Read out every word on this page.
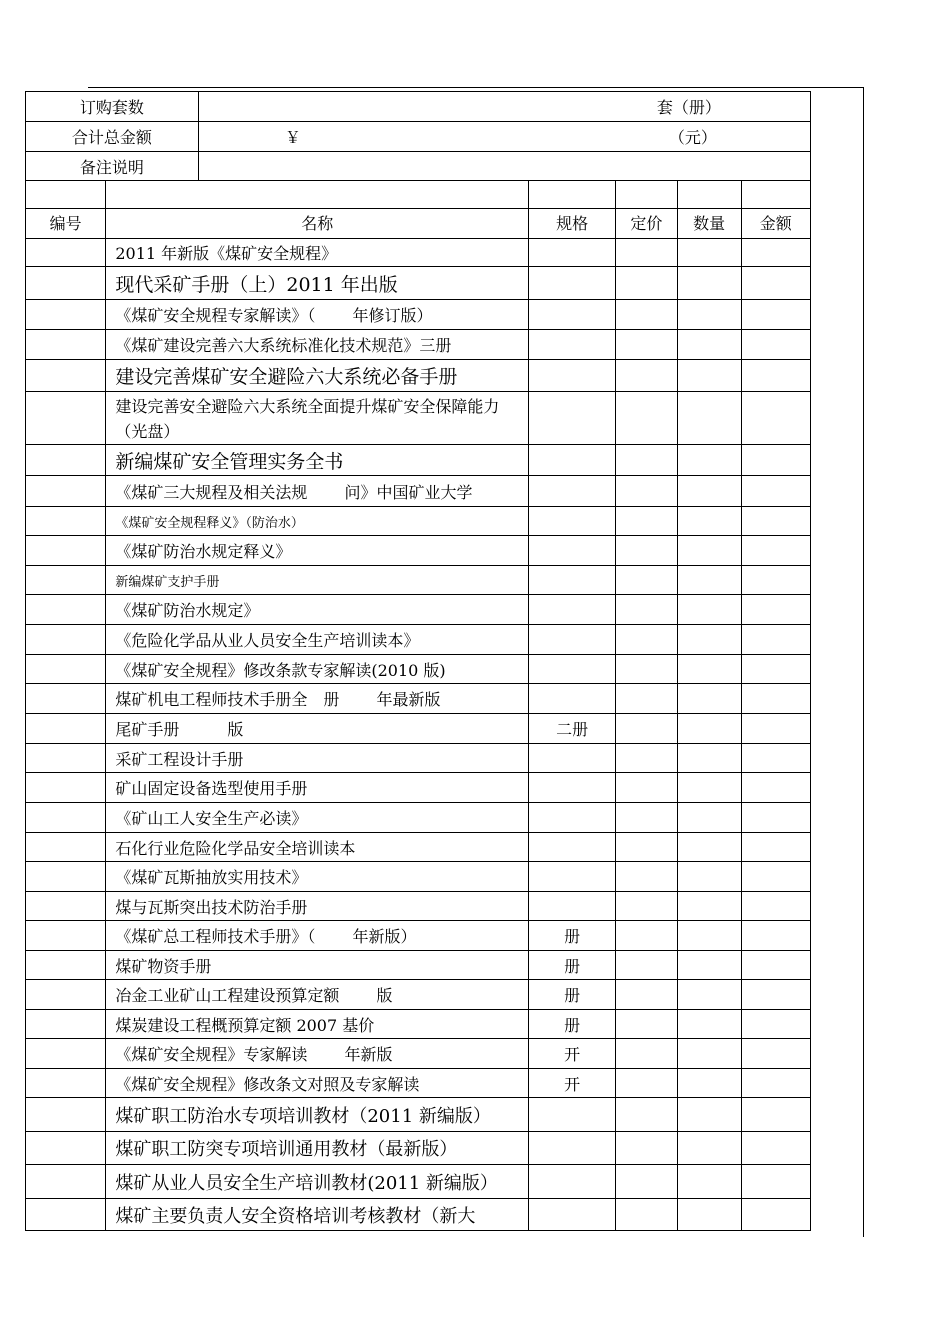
订购套数		套（册）				
合计总金额		￥ （元）				
备注说明						

编号	名称		规格	定价	数量	金额
	2011 年新版《煤矿安全规程》					
	现代采矿手册（上）2011 年出版					
	《煤矿安全规程专家解读》（　　 年修订版）					
	《煤矿建设完善六大系统标准化技术规范》三册					
	建设完善煤矿安全避险六大系统必备手册					
	建设完善安全避险六大系统全面提升煤矿安全保障能力（光盘）					
	新编煤矿安全管理实务全书					
	《煤矿三大规程及相关法规　　 问》中国矿业大学					
	《煤矿安全规程释义》（防治水）					
	《煤矿防治水规定释义》					
	新编煤矿支护手册					
	《煤矿防治水规定》					
	《危险化学品从业人员安全生产培训读本》					
	《煤矿安全规程》修改条款专家解读(2010 版)					
	煤矿机电工程师技术手册全　册　　 年最新版					
	尾矿手册　　　版		二册			
	采矿工程设计手册					
	矿山固定设备选型使用手册					
	《矿山工人安全生产必读》					
	石化行业危险化学品安全培训读本					
	《煤矿瓦斯抽放实用技术》					
	煤与瓦斯突出技术防治手册					
	《煤矿总工程师技术手册》（　　 年新版）		册			
	煤矿物资手册		册			
	冶金工业矿山工程建设预算定额　　 版		册			
	煤炭建设工程概预算定额 2007 基价		册			
	《煤矿安全规程》专家解读　　 年新版		开			
	《煤矿安全规程》修改条文对照及专家解读		开			
	煤矿职工防治水专项培训教材（2011 新编版）					
	煤矿职工防突专项培训通用教材（最新版）					
	煤矿从业人员安全生产培训教材(2011 新编版）					
	煤矿主要负责人安全资格培训考核教材（新大					
